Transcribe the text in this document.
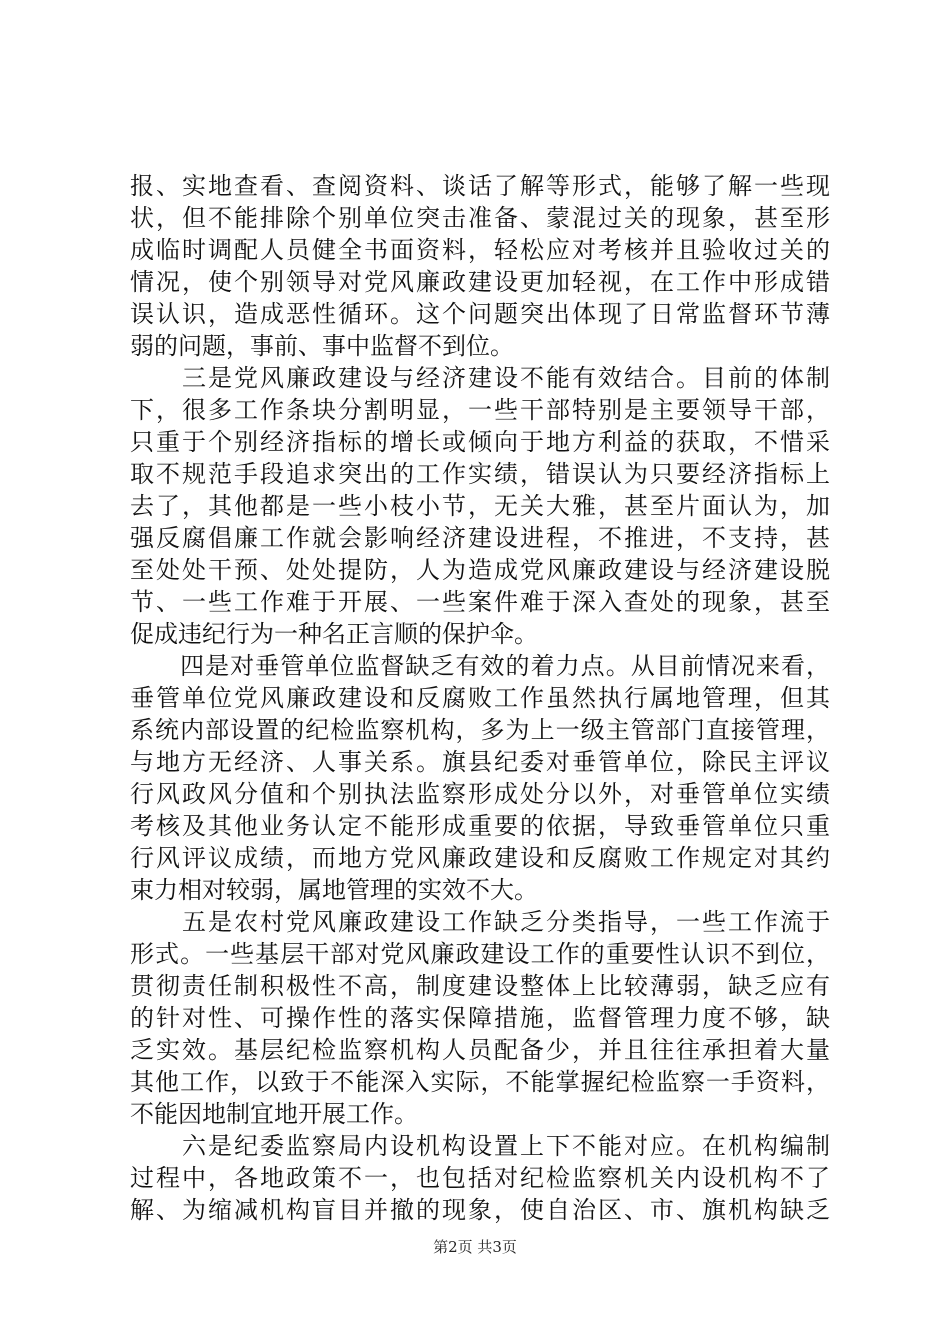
报、实地查看、查阅资料、谈话了解等形式，能够了解一些现
状，但不能排除个别单位突击准备、蒙混过关的现象，甚至形
成临时调配人员健全书面资料，轻松应对考核并且验收过关的
情况，使个别领导对党风廉政建设更加轻视，在工作中形成错
误认识，造成恶性循环。这个问题突出体现了日常监督环节薄
弱的问题，事前、事中监督不到位。
　　三是党风廉政建设与经济建设不能有效结合。目前的体制
下，很多工作条块分割明显，一些干部特别是主要领导干部，
只重于个别经济指标的增长或倾向于地方利益的获取，不惜采
取不规范手段追求突出的工作实绩，错误认为只要经济指标上
去了，其他都是一些小枝小节，无关大雅，甚至片面认为，加
强反腐倡廉工作就会影响经济建设进程，不推进，不支持，甚
至处处干预、处处提防，人为造成党风廉政建设与经济建设脱
节、一些工作难于开展、一些案件难于深入查处的现象，甚至
促成违纪行为一种名正言顺的保护伞。
　　四是对垂管单位监督缺乏有效的着力点。从目前情况来看，
垂管单位党风廉政建设和反腐败工作虽然执行属地管理，但其
系统内部设置的纪检监察机构，多为上一级主管部门直接管理，
与地方无经济、人事关系。旗县纪委对垂管单位，除民主评议
行风政风分值和个别执法监察形成处分以外，对垂管单位实绩
考核及其他业务认定不能形成重要的依据，导致垂管单位只重
行风评议成绩，而地方党风廉政建设和反腐败工作规定对其约
束力相对较弱，属地管理的实效不大。
　　五是农村党风廉政建设工作缺乏分类指导，一些工作流于
形式。一些基层干部对党风廉政建设工作的重要性认识不到位，
贯彻责任制积极性不高，制度建设整体上比较薄弱，缺乏应有
的针对性、可操作性的落实保障措施，监督管理力度不够，缺
乏实效。基层纪检监察机构人员配备少，并且往往承担着大量
其他工作，以致于不能深入实际，不能掌握纪检监察一手资料，
不能因地制宜地开展工作。
　　六是纪委监察局内设机构设置上下不能对应。在机构编制
过程中，各地政策不一，也包括对纪检监察机关内设机构不了
解、为缩减机构盲目并撤的现象，使自治区、市、旗机构缺乏
第2页 共3页
